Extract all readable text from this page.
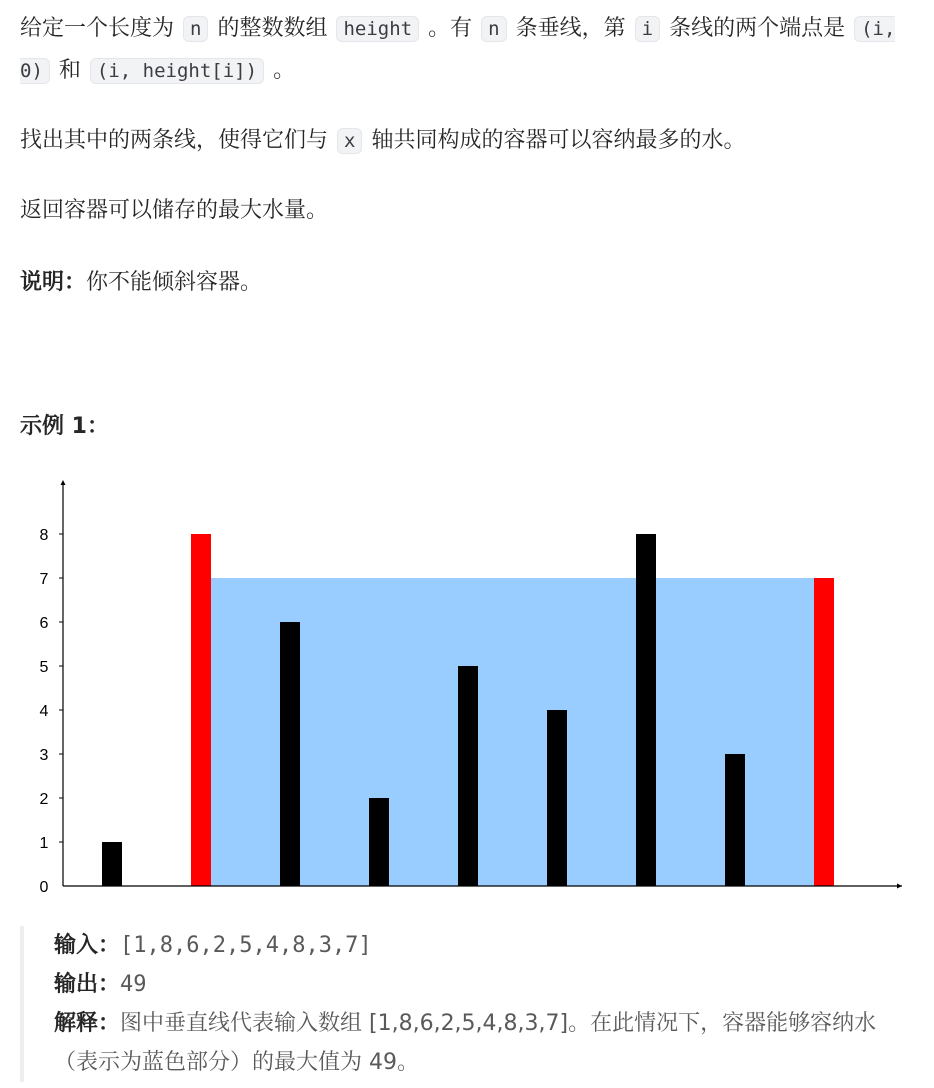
给定一个长度为 n 的整数数组 height 。有 n 条垂线，第 i 条线的两个端点是 (i, 0) 和 (i, height[i]) 。
找出其中的两条线，使得它们与 x 轴共同构成的容器可以容纳最多的水。
返回容器可以储存的最大水量。
说明：你不能倾斜容器。
示例 1：
0
1
2
3
4
5
6
7
8
输入：[1,8,6,2,5,4,8,3,7]
输出：49
解释：图中垂直线代表输入数组 [1,8,6,2,5,4,8,3,7]。在此情况下，容器能够容纳水（表示为蓝色部分）的最大值为 49。
